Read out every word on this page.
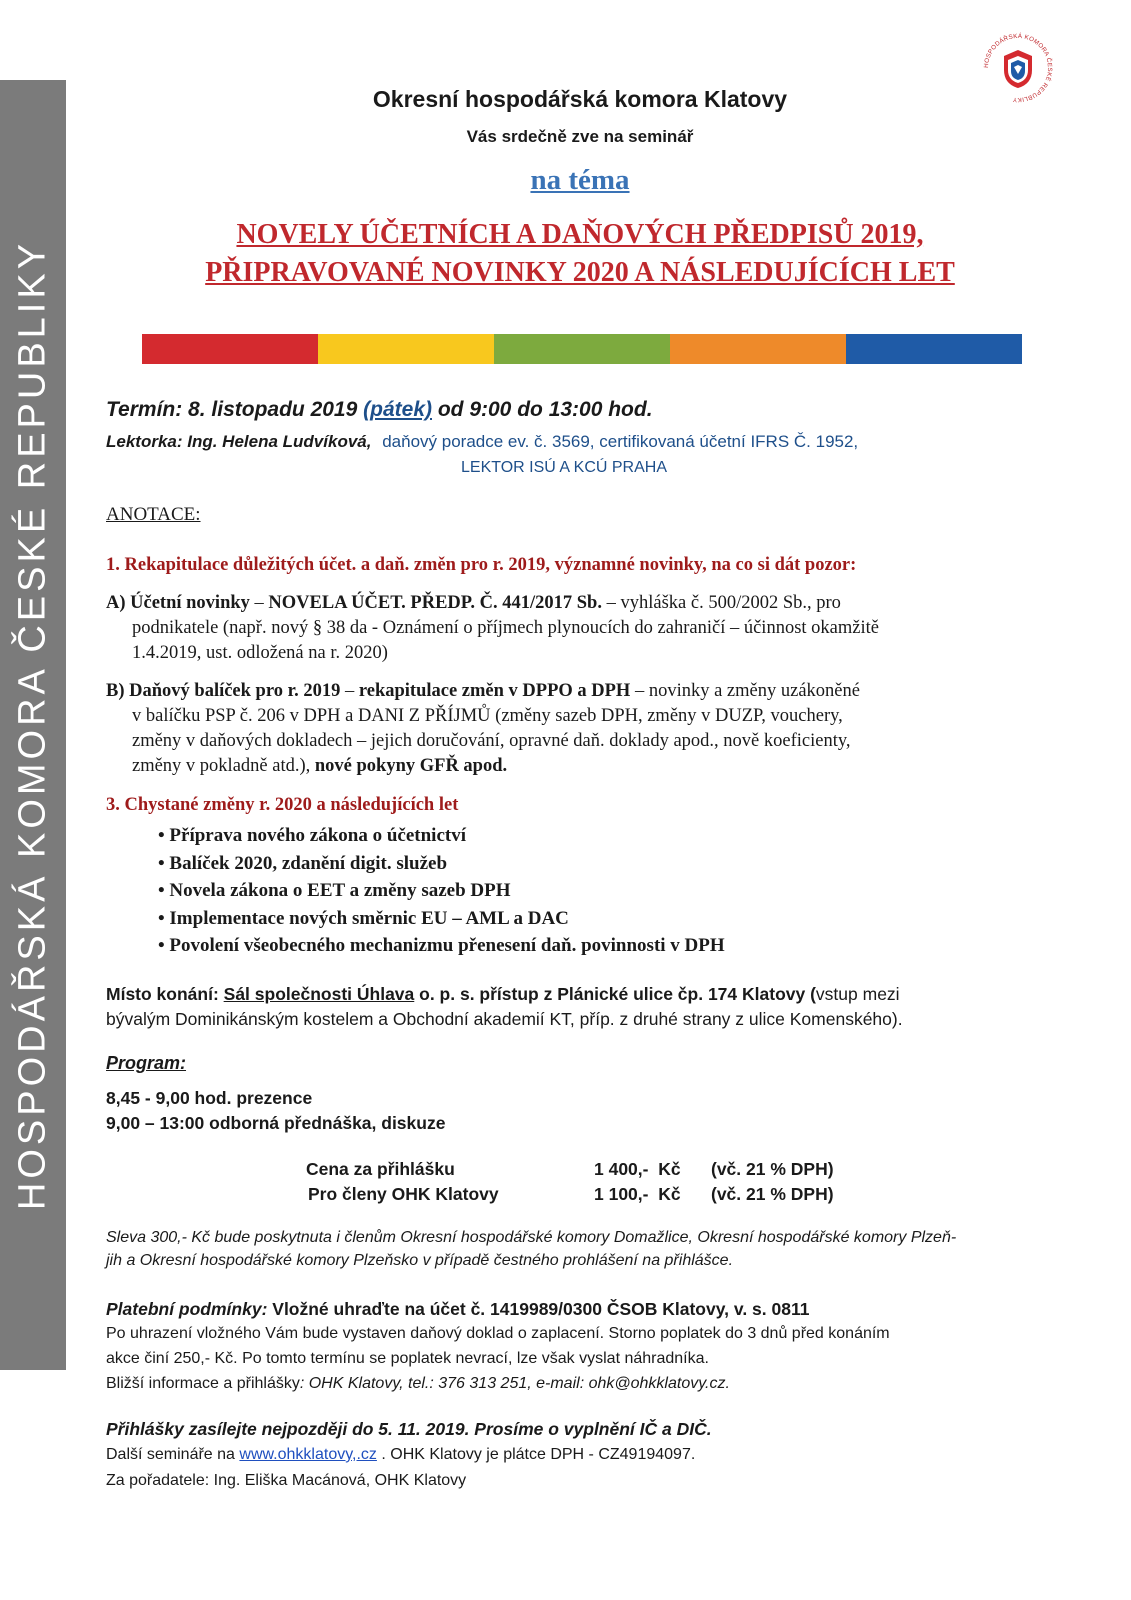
HOSPODÁŘSKÁ KOMORA ČESKÉ REPUBLIKY
HOSPODÁŘSKÁ KOMORA ČESKÉ REPUBLIKY
Okresní hospodářská komora Klatovy
Vás srdečně zve na seminář
na téma
NOVELY ÚČETNÍCH A DAŇOVÝCH PŘEDPISŮ 2019,
PŘIPRAVOVANÉ NOVINKY 2020 A NÁSLEDUJÍCÍCH LET
Termín: 8. listopadu 2019 (pátek) od 9:00 do 13:00 hod.
Lektorka: Ing. Helena Ludvíková, daňový poradce ev. č. 3569, certifikovaná účetní IFRS Č. 1952,
LEKTOR ISÚ A KCÚ PRAHA
ANOTACE:
1. Rekapitulace důležitých účet. a daň. změn pro r. 2019, významné novinky, na co si dát pozor:
A) Účetní novinky – NOVELA ÚČET. PŘEDP. Č. 441/2017 Sb. – vyhláška č. 500/2002 Sb., pro
podnikatele (např. nový § 38 da - Oznámení o příjmech plynoucích do zahraničí – účinnost okamžitě
1.4.2019, ust. odložená na r. 2020)
B) Daňový balíček pro r. 2019 – rekapitulace změn v DPPO a DPH – novinky a změny uzákoněné
v balíčku PSP č. 206 v DPH a DANI Z PŘÍJMŮ (změny sazeb DPH, změny v DUZP, vouchery,
změny v daňových dokladech – jejich doručování, opravné daň. doklady apod., nově koeficienty,
změny v pokladně atd.), nové pokyny GFŘ apod.
3. Chystané změny r. 2020 a následujících let
• Příprava nového zákona o účetnictví
• Balíček 2020, zdanění digit. služeb
• Novela zákona o EET a změny sazeb DPH
• Implementace nových směrnic EU – AML a DAC
• Povolení všeobecného mechanizmu přenesení daň. povinnosti v DPH
Místo konání: Sál společnosti Úhlava o. p. s. přístup z Plánické ulice čp. 174 Klatovy (vstup mezi
bývalým Dominikánským kostelem a Obchodní akademií KT, příp. z druhé strany z ulice Komenského).
Program:
8,45 - 9,00 hod. prezence
9,00 – 13:00 odborná přednáška, diskuze
Cena za přihlášku	1 400,-  Kč (vč. 21 % DPH)
Pro členy OHK Klatovy	1 100,-  Kč (vč. 21 % DPH)
Sleva 300,- Kč bude poskytnuta i členům Okresní hospodářské komory Domažlice, Okresní hospodářské komory Plzeň-
jih a Okresní hospodářské komory Plzeňsko v případě čestného prohlášení na přihlášce.
Platební podmínky: Vložné uhraďte na účet č. 1419989/0300 ČSOB Klatovy, v. s. 0811
Po uhrazení vložného Vám bude vystaven daňový doklad o zaplacení. Storno poplatek do 3 dnů před konáním
akce činí 250,- Kč. Po tomto termínu se poplatek nevrací, lze však vyslat náhradníka.
Bližší informace a přihlášky: OHK Klatovy, tel.: 376 313 251, e-mail: ohk@ohkklatovy.cz.
Přihlášky zasílejte nejpozději do 5. 11. 2019. Prosíme o vyplnění IČ a DIČ.
Další semináře na www.ohkklatovy,.cz . OHK Klatovy je plátce DPH - CZ49194097.
Za pořadatele: Ing. Eliška Macánová, OHK Klatovy
